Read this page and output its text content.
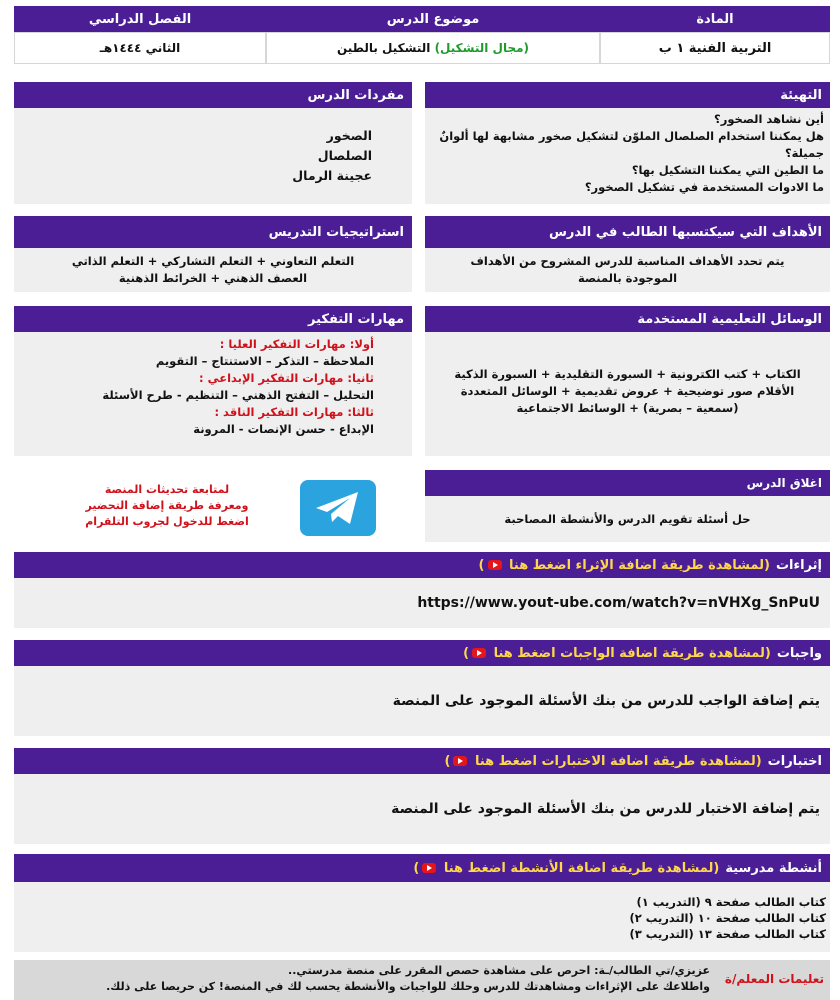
المادة
موضوع الدرس
الفصل الدراسي
التربية الفنية ١ ب
(مجال التشكيل)

التشكيل بالطين
الثاني ١٤٤٤هـ
التهيئة
أين نشاهد الصخور؟
هل يمكننا استخدام الصلصال الملوّن لتشكيل صخور مشابهة لها ألوانٌ جميلة؟
ما الطين التي يمكننا التشكيل بها؟
ما الادوات المستخدمة في تشكيل الصخور؟
مفردات الدرس
الصخور
الصلصال
عجينة الرمال
الأهداف التي سيكتسبها الطالب في الدرس
يتم تحدد الأهداف المناسبة للدرس المشروح من الأهداف الموجودة بالمنصة
استراتيجيات التدريس
التعلم التعاوني + التعلم التشاركي + التعلم الذاتي
العصف الذهني + الخرائط الذهنية
الوسائل التعليمية المستخدمة
الكتاب + كتب الكترونية + السبورة التقليدية + السبورة الذكية
الأقلام صور توضيحية + عروض تقديمية + الوسائل المتعددة
(سمعية – بصرية) + الوسائط الاجتماعية
مهارات التفكير
أولا: مهارات التفكير العليا :
الملاحظة – التذكر – الاستنتاج – التقويم
ثانيا: مهارات التفكير الإبداعي :
التحليل – التفتح الذهني – التنظيم - طرح الأسئلة
ثالثا: مهارات التفكير الناقد :
الإبداع - حسن الإنصات - المرونة
اغلاق الدرس
حل أسئلة تقويم الدرس والأنشطة المصاحبة
لمتابعة تحديثات المنصة
ومعرفة طريقة إضافة التحضير
اضغط للدخول لجروب التلقرام
إثراءات
(لمشاهدة طريقة اضافة الإثراء اضغط هنا )
https://www.yout-ube.com/watch?v=nVHXg_SnPuU
واجبات
(لمشاهدة طريقة اضافة الواجبات اضغط هنا )
يتم إضافة الواجب للدرس من بنك الأسئلة الموجود على المنصة
اختبارات
(لمشاهدة طريقة اضافة الاختبارات اضغط هنا )
يتم إضافة الاختبار للدرس من بنك الأسئلة الموجود على المنصة
أنشطة مدرسية
(لمشاهدة طريقة اضافة الأنشطة اضغط هنا )
كتاب الطالب صفحة ٩ (التدريب ١)
كتاب الطالب صفحة ١٠ (التدريب ٢)
كتاب الطالب صفحة ١٣ (التدريب ٣)
تعليمات المعلم/ة
عزيزي/تي الطالب/ـة: احرص على مشاهدة حصص المقرر على منصة مدرستي..
واطلاعك على الإثراءات ومشاهدتك للدرس وحلك للواجبات والأنشطة يحسب لك في المنصة! كن حريصا على ذلك.
